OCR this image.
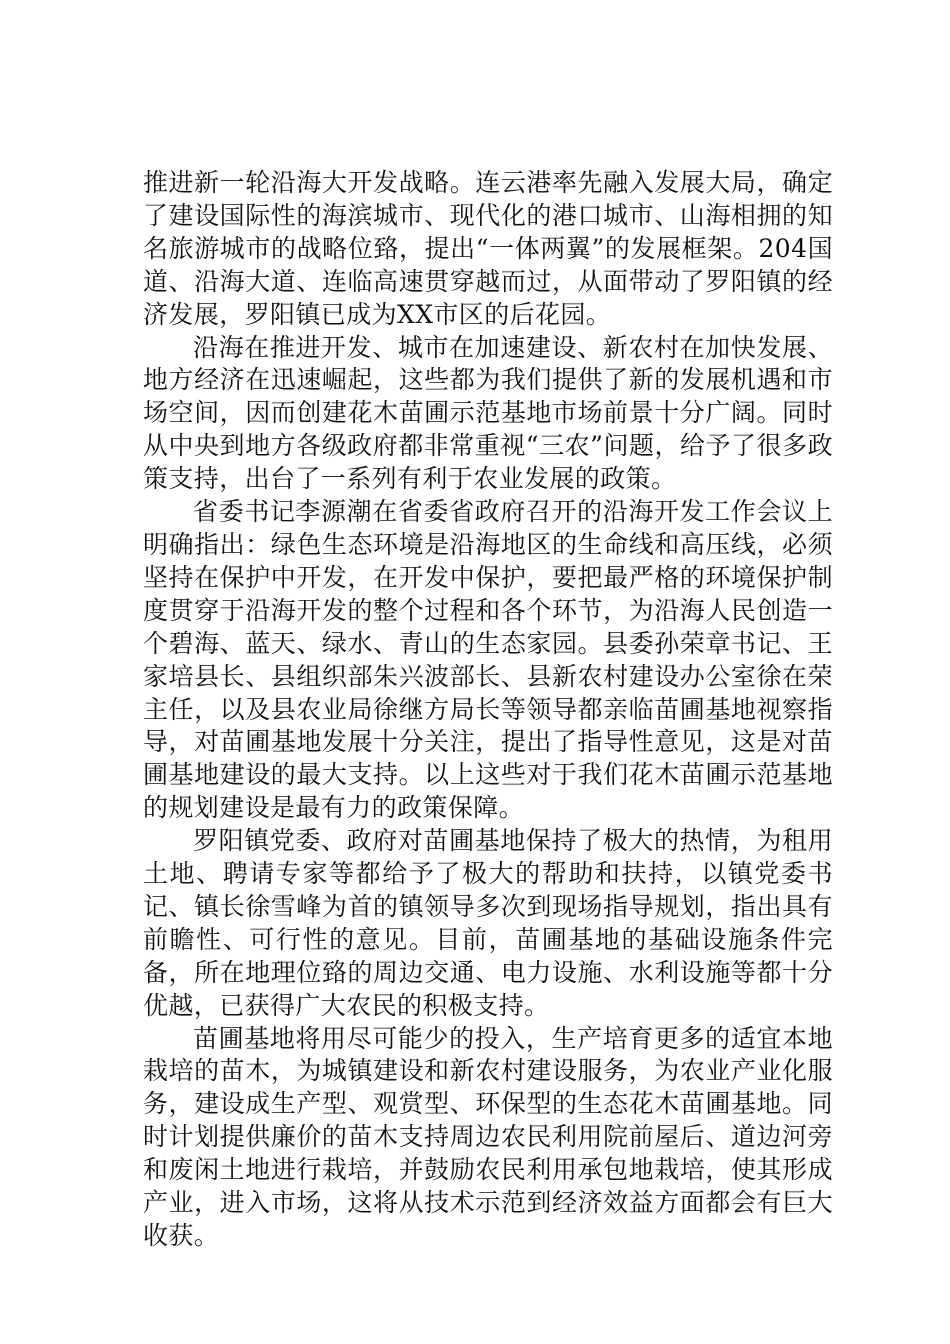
推进新一轮沿海大开发战略。连云港率先融入发展大局，确定了建设国际性的海滨城市、现代化的港口城市、山海相拥的知名旅游城市的战略位臵，提出“一体两翼”的发展框架。204国道、沿海大道、连临高速贯穿越而过，从面带动了罗阳镇的经济发展，罗阳镇已成为XX市区的后花园。

沿海在推进开发、城市在加速建设、新农村在加快发展、地方经济在迅速崛起，这些都为我们提供了新的发展机遇和市场空间，因而创建花木苗圃示范基地市场前景十分广阔。同时从中央到地方各级政府都非常重视“三农”问题，给予了很多政策支持，出台了一系列有利于农业发展的政策。

省委书记李源潮在省委省政府召开的沿海开发工作会议上明确指出：绿色生态环境是沿海地区的生命线和高压线，必须坚持在保护中开发，在开发中保护，要把最严格的环境保护制度贯穿于沿海开发的整个过程和各个环节，为沿海人民创造一个碧海、蓝天、绿水、青山的生态家园。县委孙荣章书记、王家培县长、县组织部朱兴波部长、县新农村建设办公室徐在荣主任，以及县农业局徐继方局长等领导都亲临苗圃基地视察指导，对苗圃基地发展十分关注，提出了指导性意见，这是对苗圃基地建设的最大支持。以上这些对于我们花木苗圃示范基地的规划建设是最有力的政策保障。

罗阳镇党委、政府对苗圃基地保持了极大的热情，为租用土地、聘请专家等都给予了极大的帮助和扶持，以镇党委书记、镇长徐雪峰为首的镇领导多次到现场指导规划，指出具有前瞻性、可行性的意见。目前，苗圃基地的基础设施条件完备，所在地理位臵的周边交通、电力设施、水利设施等都十分优越，已获得广大农民的积极支持。

苗圃基地将用尽可能少的投入，生产培育更多的适宜本地栽培的苗木，为城镇建设和新农村建设服务，为农业产业化服务，建设成生产型、观赏型、环保型的生态花木苗圃基地。同时计划提供廉价的苗木支持周边农民利用院前屋后、道边河旁和废闲土地进行栽培，并鼓励农民利用承包地栽培，使其形成产业，进入市场，这将从技术示范到经济效益方面都会有巨大收获。
